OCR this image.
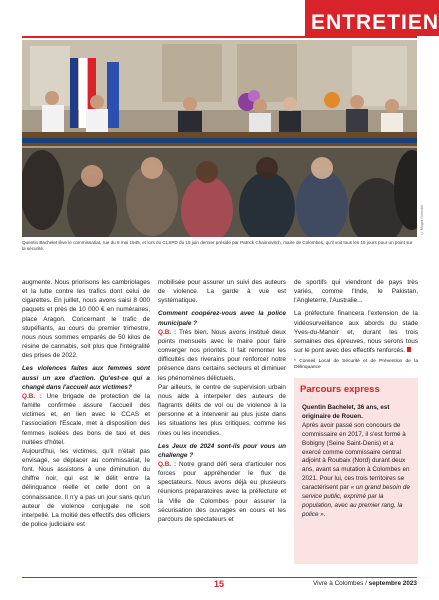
ENTRETIEN
© Magali Scherdel
Quentin Bachelet lève le commissariat, rue du 8 mai 1945, et lors du CLSPD du 15 juin dernier présidé par Patrick Chaimovitch, maire de Colombes, qu'il voit tous les 15 jours pour un point sur la sécurité.

augmente. Nous priorisons les cambriolages et la lutte contre les trafics dont celui de cigarettes. En juillet, nous avons saisi 8 000 paquets et près de 10 000 € en numéraires, place Aragon. Concernant le trafic de stupéfiants, au cours du premier trimestre, nous nous sommes emparés de 50 kilos de résine de cannabis, soit plus que l'intégralité des prises de 2022.

Les violences faites aux femmes sont aussi un axe d'action. Qu'est-ce qui a changé dans l'accueil aux victimes?

Q.B. : Une brigade de protection de la famille confirmée assure l'accueil des victimes et, en lien avec le CCAS et l'association l'Escale, met à disposition des femmes isolées des bons de taxi et des nuitées d'hôtel.

Aujourd'hui, les victimes, qu'il n'était pas envisagé, se déplacer au commissariat, le font. Nous assistons à une diminution du chiffre noir, qui est le délit entre la délinquance réelle et celle dont on a connaissance. Il n'y a pas un jour sans qu'un auteur de violence conjugale ne soit interpellé. La moitié des effectifs des officiers de police judiciaire est

mobilisée pour assurer un suivi des auteurs de violence. La garde à vue est systématique.

Comment coopérez-vous avec la police municipale ?

Q.B. : Très bien. Nous avons institué deux points mensuels avec le maire pour faire converger nos priorités. Il fait remonter les difficultés des riverains pour renforcer notre présence dans certains secteurs et diminuer les phénomènes délictuels.

Par ailleurs, le centre de supervision urbain nous aide à interpeler des auteurs de flagrants délits de vol ou de violence à la personne et à intervenir au plus juste dans les situations les plus critiques, comme les rixes ou les incendies.

Les Jeux de 2024 sont-ils pour vous un challenge ?

Q.B. : Notre grand défi sera d'articuler nos forces pour appréhender le flux de spectateurs. Nous avons déjà eu plusieurs réunions préparatoires avec la préfecture et la Ville de Colombes pour assurer la sécurisation des ouvrages en cours et les parcours de spectateurs et

de sportifs qui viendront de pays très variés, comme l'Inde, le Pakistan, l'Angleterre, l'Australie...

La préfecture financera l'extension de la vidéosurveillance aux abords du stade Yves-du-Manoir et, durant les trois semaines des épreuves, nous serons tous sur le pont avec des effectifs renforcés.

* Conseil Local de Sécurité et de Prévention de la Délinquance

Parcours express

Quentin Bachelet, 36 ans, est originaire de Rouen.

Après avoir passé son concours de commissaire en 2017, il s'est formé à Bobigny (Seine Saint-Denis) et a exercé comme commissaire central adjoint à Roubaix (Nord) durant deux ans, avant sa mutation à Colombes en 2021. Pour lui, ces trois territoires se caractérisent par « un grand besoin de service public, exprimé par la population, avec au premier rang, la police ».

15	Vivre à Colombes / septembre 2023
